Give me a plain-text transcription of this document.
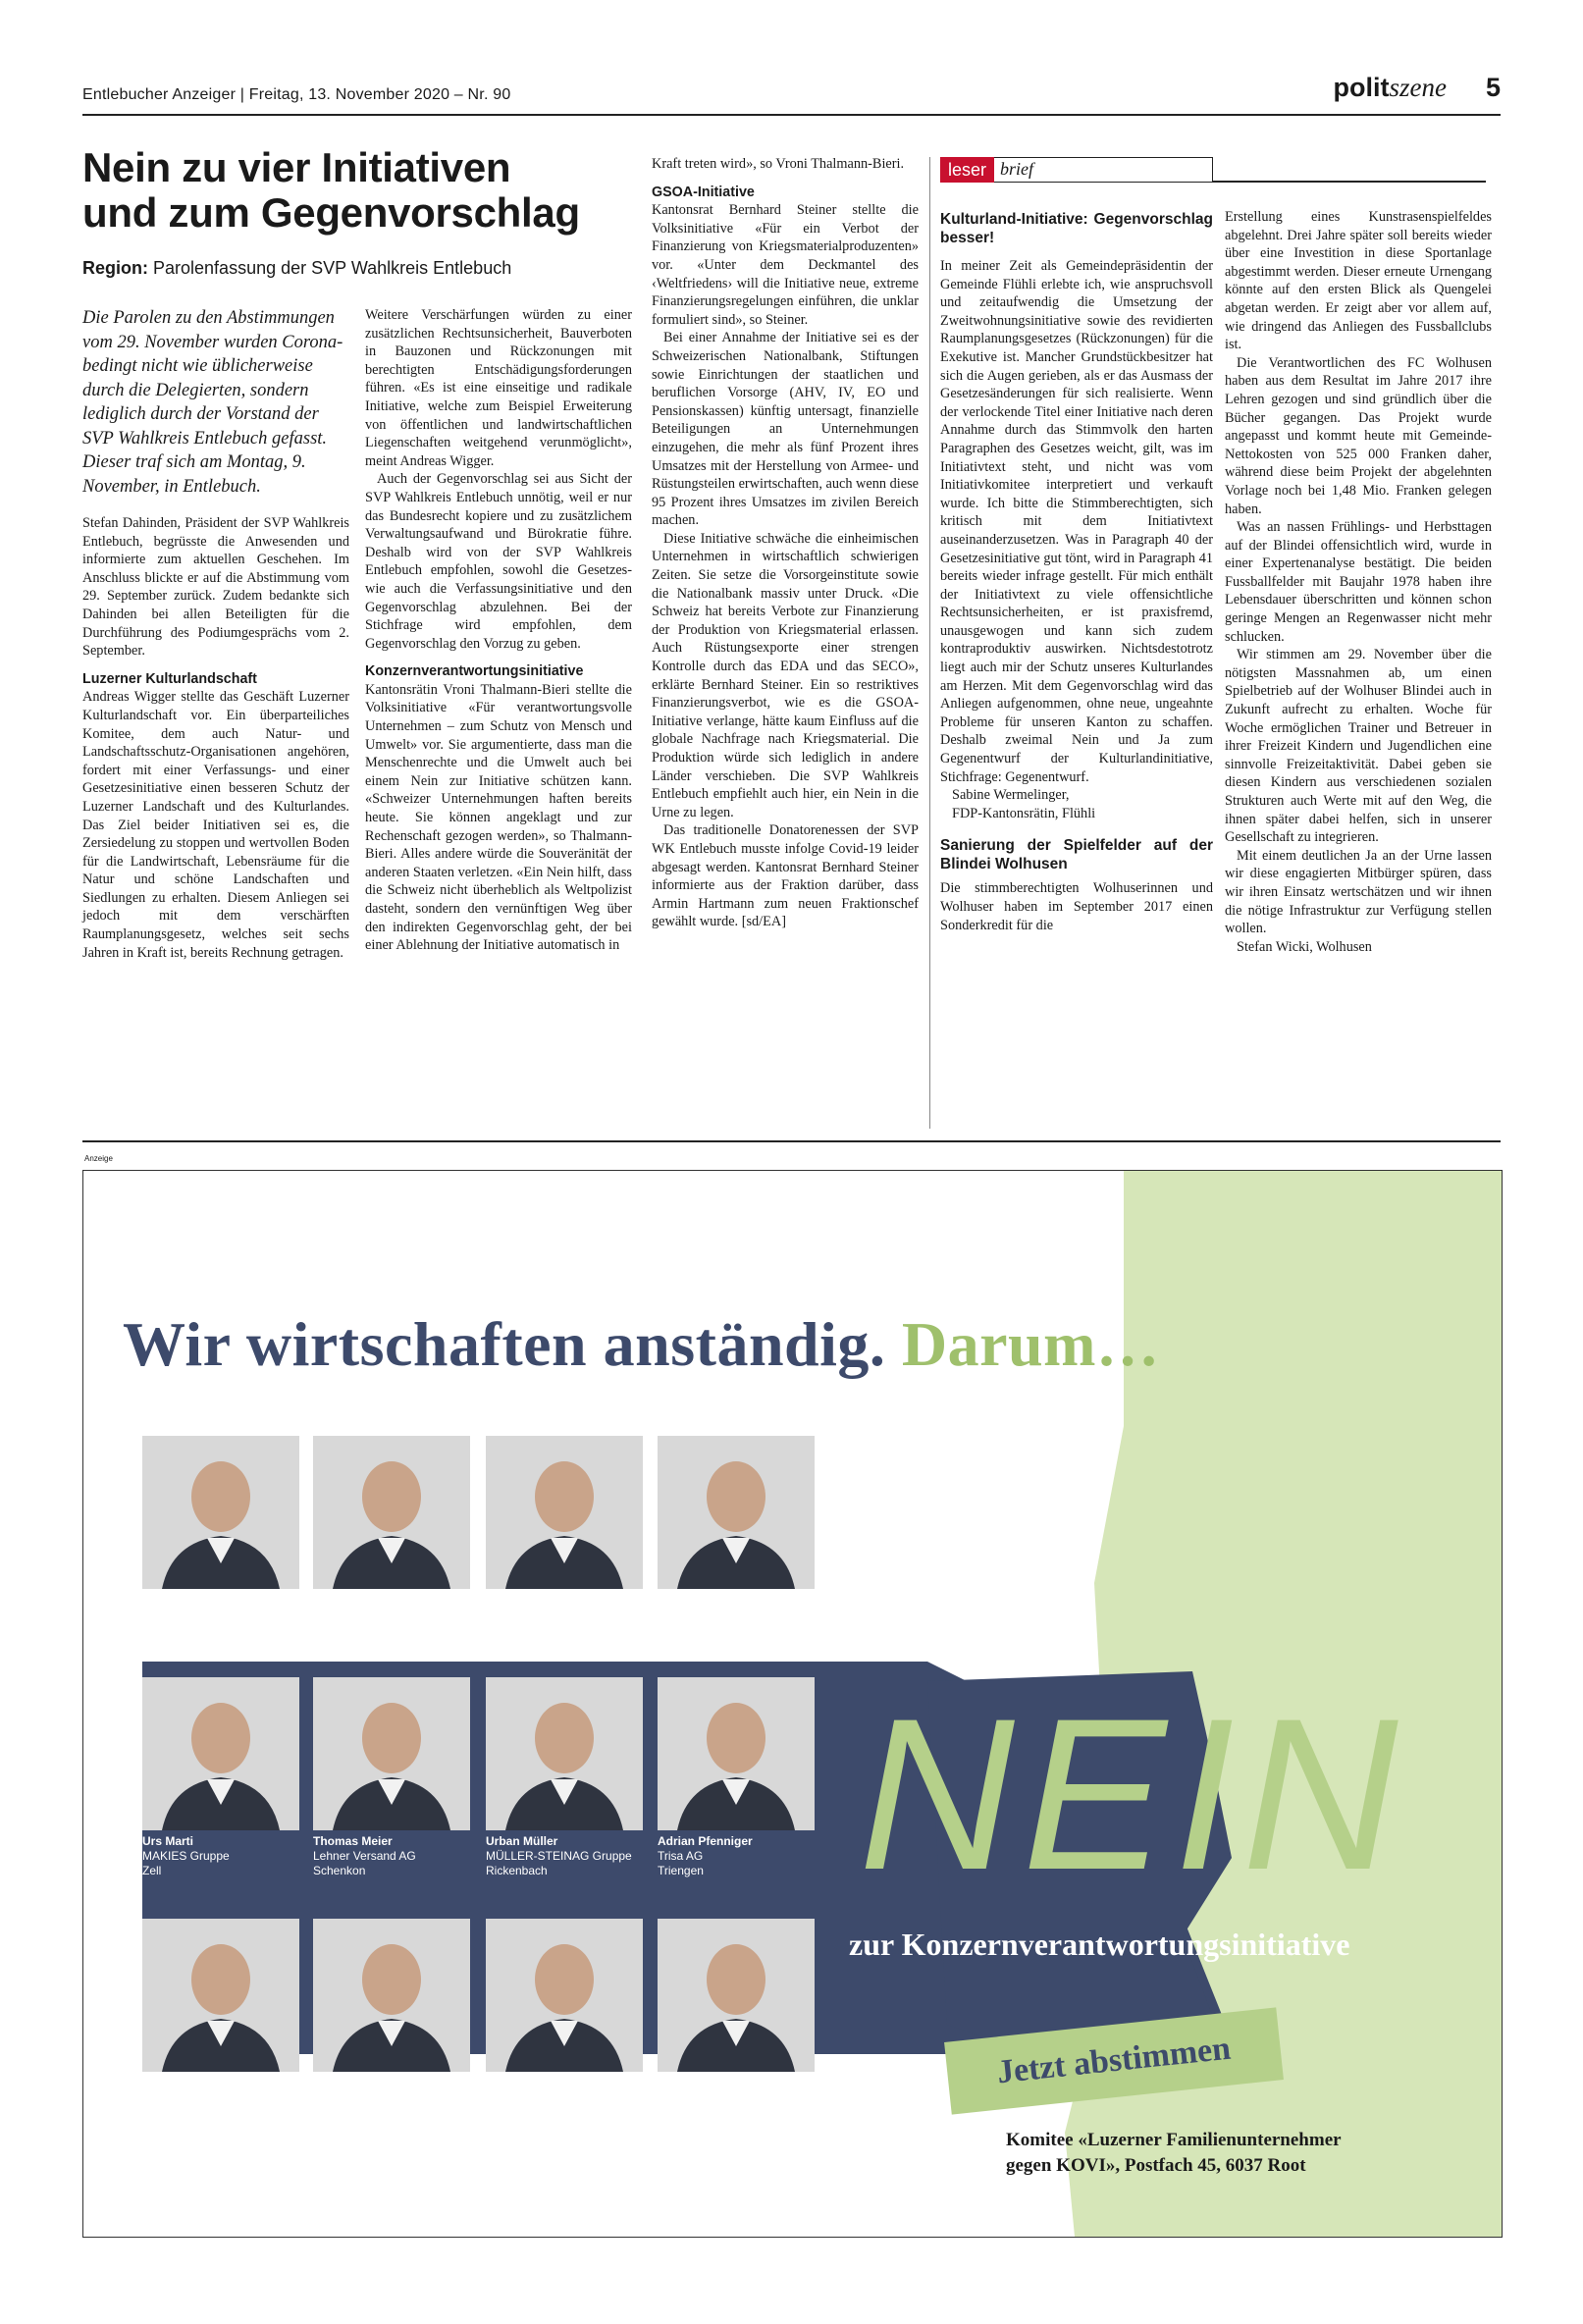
Entlebucher Anzeiger | Freitag, 13. November 2020 – Nr. 90	politszene 5
Nein zu vier Initiativen
und zum Gegenvorschlag
Region: Parolenfassung der SVP Wahlkreis Entlebuch

Die Parolen zu den Abstimmungen vom 29. November wurden Corona-bedingt nicht wie üblicherweise durch die Delegierten, sondern lediglich durch der Vorstand der SVP Wahlkreis Entlebuch gefasst. Dieser traf sich am Montag, 9. November, in Entlebuch.

Stefan Dahinden, Präsident der SVP Wahlkreis Entlebuch, begrüsste die Anwesenden und informierte zum aktuellen Geschehen. Im Anschluss blickte er auf die Abstimmung vom 29. September zurück. Zudem bedankte sich Dahinden bei allen Beteiligten für die Durchführung des Podiumgesprächs vom 2. September.

Luzerner Kulturlandschaft

Andreas Wigger stellte das Geschäft Luzerner Kulturlandschaft vor. Ein überparteiliches Komitee, dem auch Natur- und Landschaftsschutz-Organisationen angehören, fordert mit einer Verfassungs- und einer Gesetzesinitiative einen besseren Schutz der Luzerner Landschaft und des Kulturlandes. Das Ziel beider Initiativen sei es, die Zersiedelung zu stoppen und wertvollen Boden für die Landwirtschaft, Lebensräume für die Natur und schöne Landschaften und Siedlungen zu erhalten. Diesem Anliegen sei jedoch mit dem verschärften Raumplanungsgesetz, welches seit sechs Jahren in Kraft ist, bereits Rechnung getragen.

Weitere Verschärfungen würden zu einer zusätzlichen Rechtsunsicherheit, Bauverboten in Bauzonen und Rückzonungen mit berechtigten Entschädigungsforderungen führen. «Es ist eine einseitige und radikale Initiative, welche zum Beispiel Erweiterung von öffentlichen und landwirtschaftlichen Liegenschaften weitgehend verunmöglicht», meint Andreas Wigger.

Auch der Gegenvorschlag sei aus Sicht der SVP Wahlkreis Entlebuch unnötig, weil er nur das Bundesrecht kopiere und zu zusätzlichem Verwaltungsaufwand und Bürokratie führe. Deshalb wird von der SVP Wahlkreis Entlebuch empfohlen, sowohl die Gesetzes- wie auch die Verfassungsinitiative und den Gegenvorschlag abzulehnen. Bei der Stichfrage wird empfohlen, dem Gegenvorschlag den Vorzug zu geben.

Konzernverantwortungsinitiative

Kantonsrätin Vroni Thalmann-Bieri stellte die Volksinitiative «Für verantwortungsvolle Unternehmen – zum Schutz von Mensch und Umwelt» vor. Sie argumentierte, dass man die Menschenrechte und die Umwelt auch bei einem Nein zur Initiative schützen kann. «Schweizer Unternehmungen haften bereits heute. Sie können angeklagt und zur Rechenschaft gezogen werden», so Thalmann-Bieri. Alles andere würde die Souveränität der anderen Staaten verletzen. «Ein Nein hilft, dass die Schweiz nicht überheblich als Weltpolizist dasteht, sondern den vernünftigen Weg über den indirekten Gegenvorschlag geht, der bei einer Ablehnung der Initiative automatisch in

Kraft treten wird», so Vroni Thalmann-Bieri.

GSOA-Initiative

Kantonsrat Bernhard Steiner stellte die Volksinitiative «Für ein Verbot der Finanzierung von Kriegsmaterialproduzenten» vor. «Unter dem Deckmantel des ‹Weltfriedens› will die Initiative neue, extreme Finanzierungsregelungen einführen, die unklar formuliert sind», so Steiner.

Bei einer Annahme der Initiative sei es der Schweizerischen Nationalbank, Stiftungen sowie Einrichtungen der staatlichen und beruflichen Vorsorge (AHV, IV, EO und Pensionskassen) künftig untersagt, finanzielle Beteiligungen an Unternehmungen einzugehen, die mehr als fünf Prozent ihres Umsatzes mit der Herstellung von Armee- und Rüstungsteilen erwirtschaften, auch wenn diese 95 Prozent ihres Umsatzes im zivilen Bereich machen.

Diese Initiative schwäche die einheimischen Unternehmen in wirtschaftlich schwierigen Zeiten. Sie setze die Vorsorgeinstitute sowie die Nationalbank massiv unter Druck. «Die Schweiz hat bereits Verbote zur Finanzierung der Produktion von Kriegsmaterial erlassen. Auch Rüstungsexporte einer strengen Kontrolle durch das EDA und das SECO», erklärte Bernhard Steiner. Ein so restriktives Finanzierungsverbot, wie es die GSOA-Initiative verlange, hätte kaum Einfluss auf die globale Nachfrage nach Kriegsmaterial. Die Produktion würde sich lediglich in andere Länder verschieben. Die SVP Wahlkreis Entlebuch empfiehlt auch hier, ein Nein in die Urne zu legen.

Das traditionelle Donatorenessen der SVP WK Entlebuch musste infolge Covid-19 leider abgesagt werden. Kantonsrat Bernhard Steiner informierte aus der Fraktion darüber, dass Armin Hartmann zum neuen Fraktionschef gewählt wurde. [sd/EA]

leser brief
Kulturland-Initiative: Gegenvorschlag besser!

In meiner Zeit als Gemeindepräsidentin der Gemeinde Flühli erlebte ich, wie anspruchsvoll und zeitaufwendig die Umsetzung der Zweitwohnungsinitiative sowie des revidierten Raumplanungsgesetzes (Rückzonungen) für die Exekutive ist. Mancher Grundstückbesitzer hat sich die Augen gerieben, als er das Ausmass der Gesetzesänderungen für sich realisierte. Wenn der verlockende Titel einer Initiative nach deren Annahme durch das Stimmvolk den harten Paragraphen des Gesetzes weicht, gilt, was im Initiativtext steht, und nicht was vom Initiativkomitee interpretiert und verkauft wurde. Ich bitte die Stimmberechtigten, sich kritisch mit dem Initiativtext auseinanderzusetzen. Was in Paragraph 40 der Gesetzesinitiative gut tönt, wird in Paragraph 41 bereits wieder infrage gestellt. Für mich enthält der Initiativtext zu viele offensichtliche Rechtsunsicherheiten, er ist praxisfremd, unausgewogen und kann sich zudem kontraproduktiv auswirken. Nichtsdestotrotz liegt auch mir der Schutz unseres Kulturlandes am Herzen. Mit dem Gegenvorschlag wird das Anliegen aufgenommen, ohne neue, ungeahnte Probleme für unseren Kanton zu schaffen. Deshalb zweimal Nein und Ja zum Gegenentwurf der Kulturlandinitiative, Stichfrage: Gegenentwurf.

Sabine Wermelinger,

FDP-Kantonsrätin, Flühli

Sanierung der Spielfelder auf der Blindei Wolhusen

Die stimmberechtigten Wolhuserinnen und Wolhuser haben im September 2017 einen Sonderkredit für die

Erstellung eines Kunstrasenspielfeldes abgelehnt. Drei Jahre später soll bereits wieder über eine Investition in diese Sportanlage abgestimmt werden. Dieser erneute Urnengang könnte auf den ersten Blick als Quengelei abgetan werden. Er zeigt aber vor allem auf, wie dringend das Anliegen des Fussballclubs ist.

Die Verantwortlichen des FC Wolhusen haben aus dem Resultat im Jahre 2017 ihre Lehren gezogen und sind gründlich über die Bücher gegangen. Das Projekt wurde angepasst und kommt heute mit Gemeinde-Nettokosten von 525 000 Franken daher, während diese beim Projekt der abgelehnten Vorlage noch bei 1,48 Mio. Franken gelegen haben.

Was an nassen Frühlings- und Herbsttagen auf der Blindei offensichtlich wird, wurde in einer Expertenanalyse bestätigt. Die beiden Fussballfelder mit Baujahr 1978 haben ihre Lebensdauer überschritten und können schon geringe Mengen an Regenwasser nicht mehr schlucken.

Wir stimmen am 29. November über die nötigsten Massnahmen ab, um einen Spielbetrieb auf der Wolhuser Blindei auch in Zukunft aufrecht zu erhalten. Woche für Woche ermöglichen Trainer und Betreuer in ihrer Freizeit Kindern und Jugendlichen eine sinnvolle Freizeitaktivität. Dabei geben sie diesen Kindern aus verschiedenen sozialen Strukturen auch Werte mit auf den Weg, die ihnen später dabei helfen, sich in unserer Gesellschaft zu integrieren.

Mit einem deutlichen Ja an der Urne lassen wir diese engagierten Mitbürger spüren, dass wir ihren Einsatz wertschätzen und wir ihnen die nötige Infrastruktur zur Verfügung stellen wollen.

Stefan Wicki, Wolhusen

Anzeige
Wir wirtschaften anständig. Darum…
NEIN
zur Konzernverantwortungsinitiative
Jetzt abstimmen
Komitee «Luzerner Familienunternehmer
gegen KOVI», Postfach 45, 6037 Root
Hans Aregger
Aregger AG
Bauunternehmung
Buttisholz
Mark Bachmann
4B AG
Hochdorf
Werner Hug
HUG AG
Malters
Ernst Maréchaux
Maréchaux Holding AG
Luzern
Urs Marti
MAKIES Gruppe
Zell
Thomas Meier
Lehner Versand AG
Schenkon
Urban Müller
MÜLLER-STEINAG Gruppe
Rickenbach
Adrian Pfenniger
Trisa AG
Triengen
Max Renggli
Renggli AG
Schötz/Sursee
Matthias Schaller
möbel Schaller
Geuensee
Hans-Rudolf Schurter
SCHURTER Gruppe
Luzern
Adrian Steiner
Thermoplan AG
Weggis
